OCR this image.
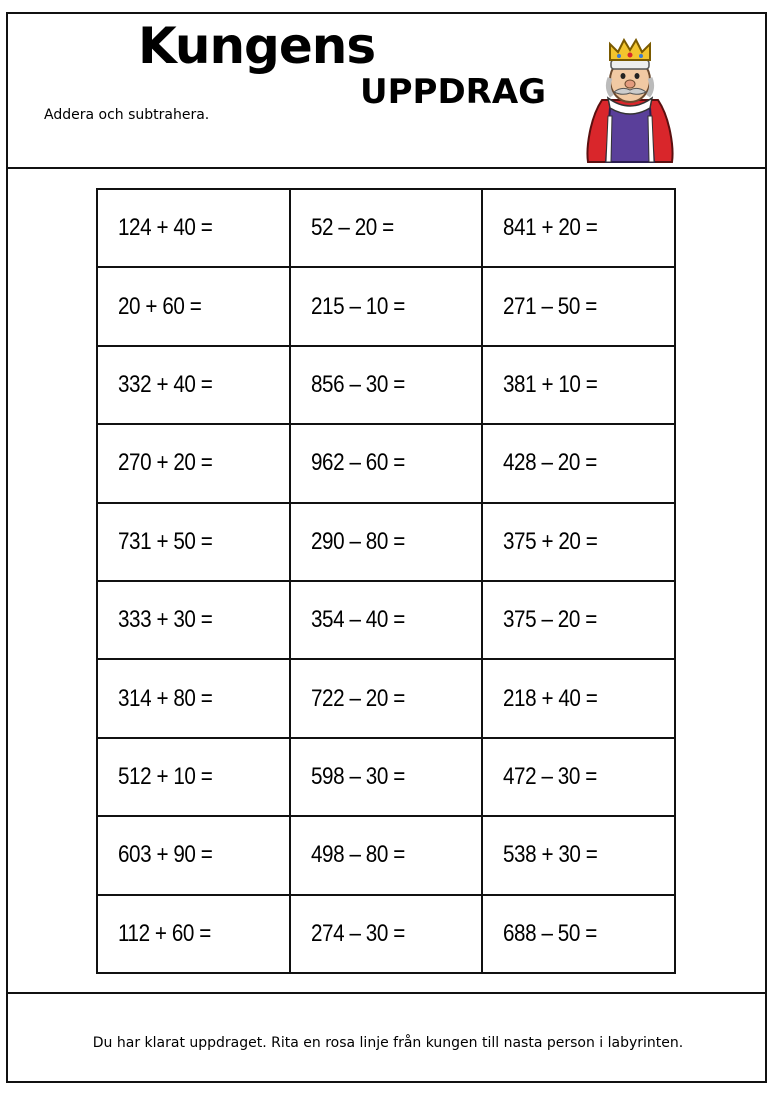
Kungens
UPPDRAG
Addera och subtrahera.
124 + 40 =	52 – 20 =	841 + 20 =
20 + 60 =	215 – 10 =	271 – 50 =
332 + 40 =	856 – 30 =	381 + 10 =
270 + 20 =	962 – 60 =	428 – 20 =
731 + 50 =	290 – 80 =	375 + 20 =
333 + 30 =	354 – 40 =	375 – 20 =
314 + 80 =	722 – 20 =	218 + 40 =
512 + 10 =	598 – 30 =	472 – 30 =
603 + 90 =	498 – 80 =	538 + 30 =
112 + 60 =	274 – 30 =	688 – 50 =
Du har klarat uppdraget. Rita en rosa linje från kungen till nasta person i labyrinten.
